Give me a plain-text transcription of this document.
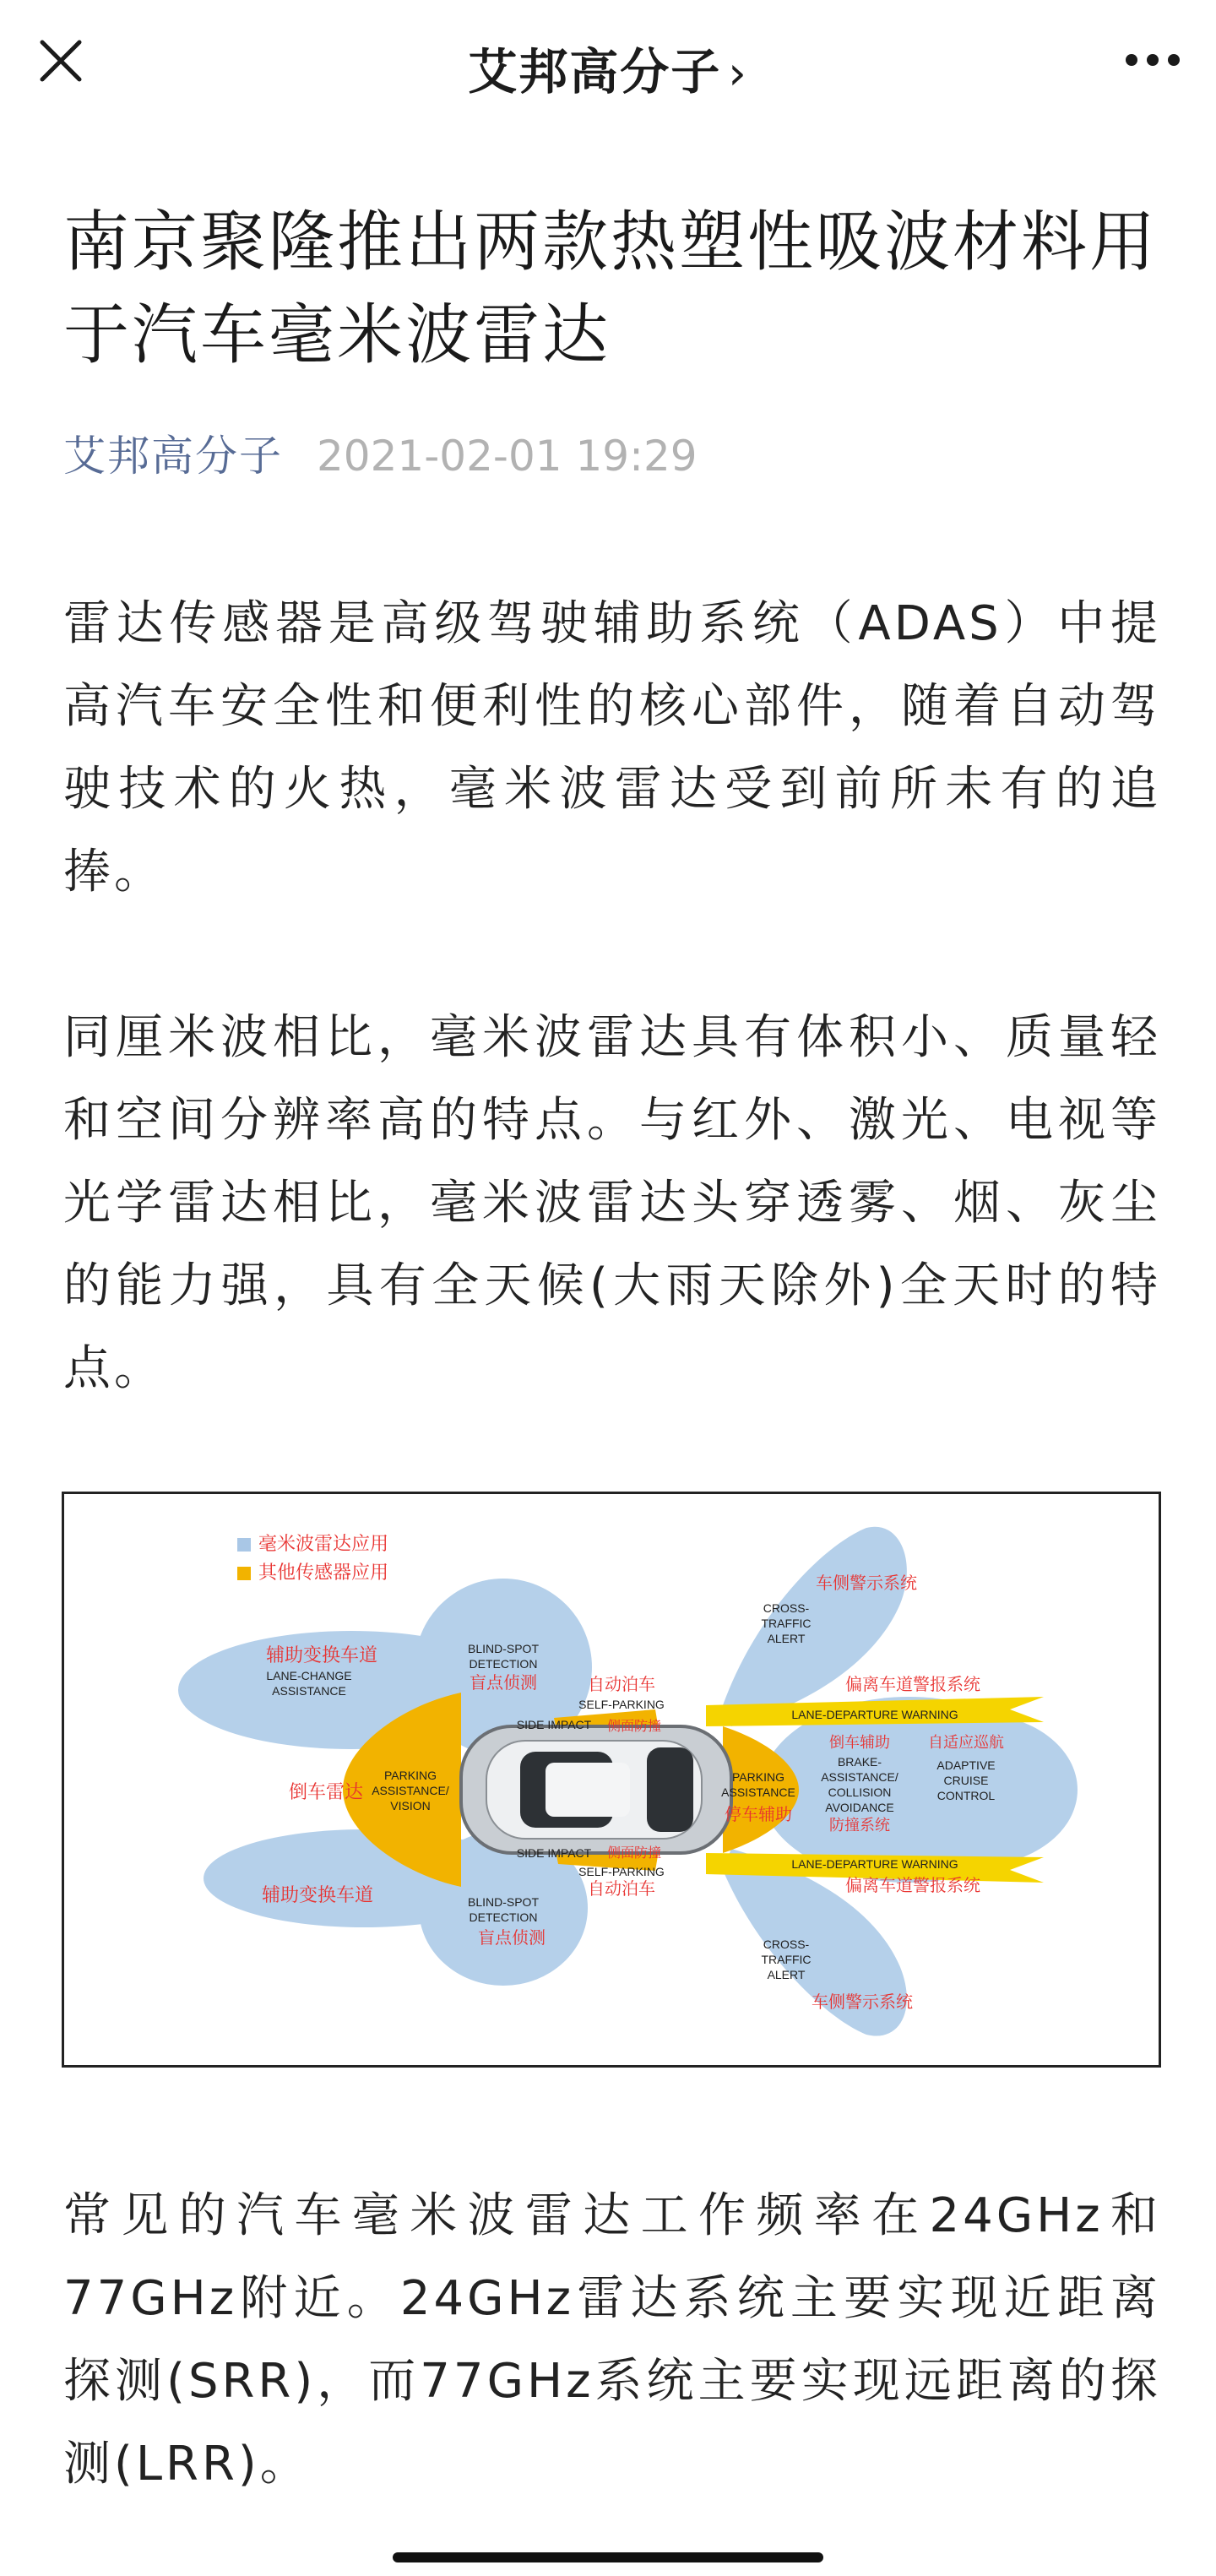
艾邦高分子 ›
南京聚隆推出两款热塑性吸波材料用于汽车毫米波雷达
艾邦高分子 2021-02-01 19:29

雷达传感器是高级驾驶辅助系统（ADAS）中提高汽车安全性和便利性的核心部件，随着自动驾驶技术的火热，毫米波雷达受到前所未有的追捧。

同厘米波相比，毫米波雷达具有体积小、质量轻和空间分辨率高的特点。与红外、激光、电视等光学雷达相比，毫米波雷达头穿透雾、烟、灰尘的能力强，具有全天候(大雨天除外)全天时的特点。

毫米波雷达应用
其他传感器应用
辅助变换车道
LANE-CHANGE
ASSISTANCE
辅助变换车道
BLIND-SPOT
DETECTION
盲点侦测
BLIND-SPOT
DETECTION
盲点侦测
倒车雷达
PARKING
ASSISTANCE/
VISION
自动泊车
SELF-PARKING
SIDE IMPACT 侧面防撞
SIDE IMPACT 侧面防撞
SELF-PARKING
自动泊车
车侧警示系统
CROSS-
TRAFFIC
ALERT
CROSS-
TRAFFIC
ALERT
车侧警示系统
偏离车道警报系统
LANE-DEPARTURE WARNING
LANE-DEPARTURE WARNING
偏离车道警报系统
PARKING
ASSISTANCE
停车辅助
倒车辅助
BRAKE-
ASSISTANCE/
COLLISION
AVOIDANCE
防撞系统
自适应巡航
ADAPTIVE
CRUISE
CONTROL

常见的汽车毫米波雷达工作频率在24GHz和77GHz附近。24GHz雷达系统主要实现近距离探测(SRR)，而77GHz系统主要实现远距离的探测(LRR)。
